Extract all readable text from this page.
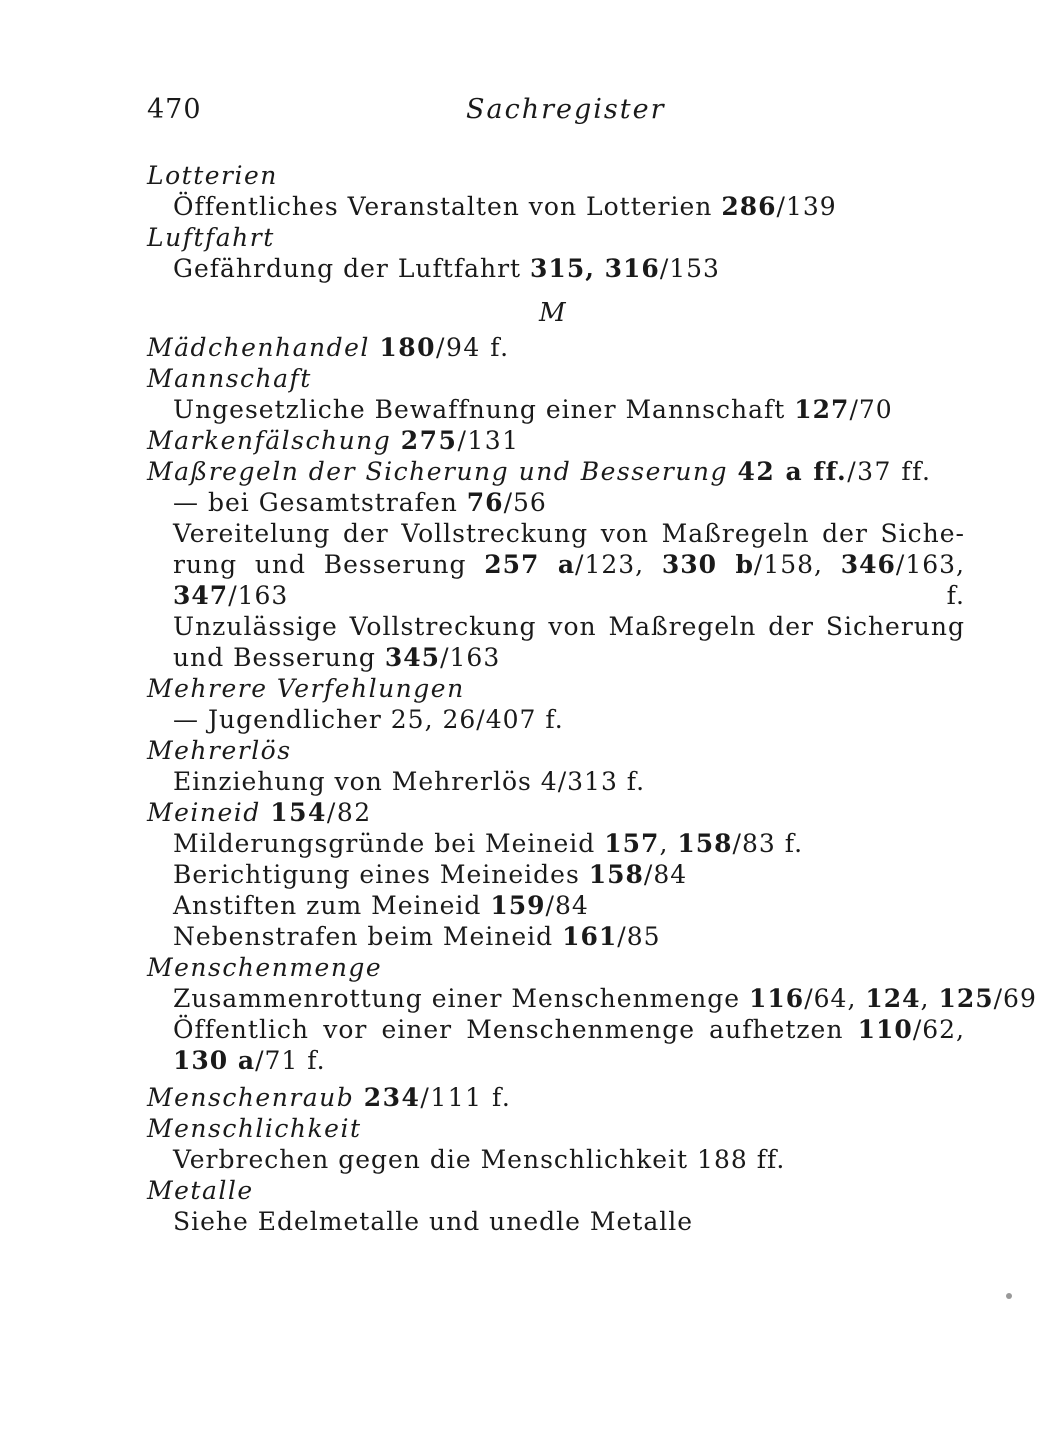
470	Sachregister
Lotterien
Öffentliches Veranstalten von Lotterien 286/139
Luftfahrt
Gefährdung der Luftfahrt 315, 316/153
M
Mädchenhandel 180/94 f.
Mannschaft
Ungesetzliche Bewaffnung einer Mannschaft 127/70
Markenfälschung 275/131
Maßregeln der Sicherung und Besserung 42 a ff./37 ff.
— bei Gesamtstrafen 76/56
Vereitelung der Vollstreckung von Maßregeln der Siche-
rung und Besserung 257 a/123, 330 b/158, 346/163, 347/163 f.
Unzulässige Vollstreckung von Maßregeln der Sicherung
und Besserung 345/163
Mehrere Verfehlungen
— Jugendlicher 25, 26/407 f.
Mehrerlös
Einziehung von Mehrerlös 4/313 f.
Meineid 154/82
Milderungsgründe bei Meineid 157, 158/83 f.
Berichtigung eines Meineides 158/84
Anstiften zum Meineid 159/84
Nebenstrafen beim Meineid 161/85
Menschenmenge
Zusammenrottung einer Menschenmenge 116/64, 124, 125/69
Öffentlich vor einer Menschenmenge aufhetzen 110/62,
130 a/71 f.
Menschenraub 234/111 f.
Menschlichkeit
Verbrechen gegen die Menschlichkeit 188 ff.
Metalle
Siehe Edelmetalle und unedle Metalle
